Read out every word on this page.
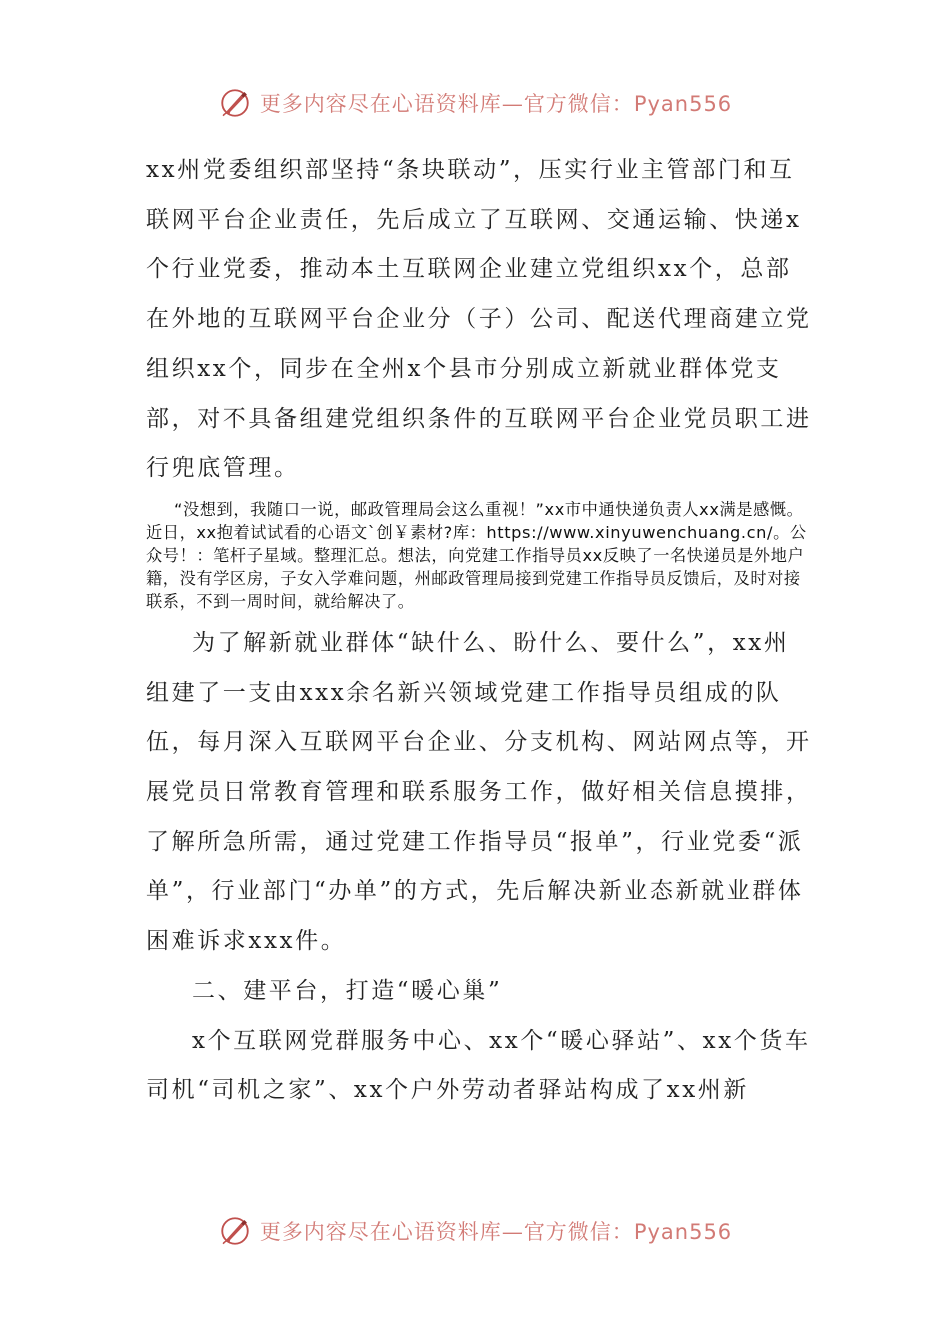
更多内容尽在心语资料库—官方微信：Pyan556

xx州党委组织部坚持“条块联动”，压实行业主管部门和互联网平台企业责任，先后成立了互联网、交通运输、快递x个行业党委，推动本土互联网企业建立党组织xx个，总部在外地的互联网平台企业分（子）公司、配送代理商建立党组织xx个，同步在全州x个县市分别成立新就业群体党支部，对不具备组建党组织条件的互联网平台企业党员职工进行兜底管理。

“没想到，我随口一说，邮政管理局会这么重视！”xx市中通快递负责人xx满是感慨。近日，xx抱着试试看的心语文`创￥素材?库：https://www.xinyuwenchuang.cn/。公众号！：笔杆子星域。整理汇总。想法，向党建工作指导员xx反映了一名快递员是外地户籍，没有学区房，子女入学难问题，州邮政管理局接到党建工作指导员反馈后，及时对接联系，不到一周时间，就给解决了。

为了解新就业群体“缺什么、盼什么、要什么”，xx州组建了一支由xxx余名新兴领域党建工作指导员组成的队伍，每月深入互联网平台企业、分支机构、网站网点等，开展党员日常教育管理和联系服务工作，做好相关信息摸排，了解所急所需，通过党建工作指导员“报单”，行业党委“派单”，行业部门“办单”的方式，先后解决新业态新就业群体困难诉求xxx件。

二、建平台，打造“暖心巢”

x个互联网党群服务中心、xx个“暖心驿站”、xx个货车司机“司机之家”、xx个户外劳动者驿站构成了xx州新

更多内容尽在心语资料库—官方微信：Pyan556
